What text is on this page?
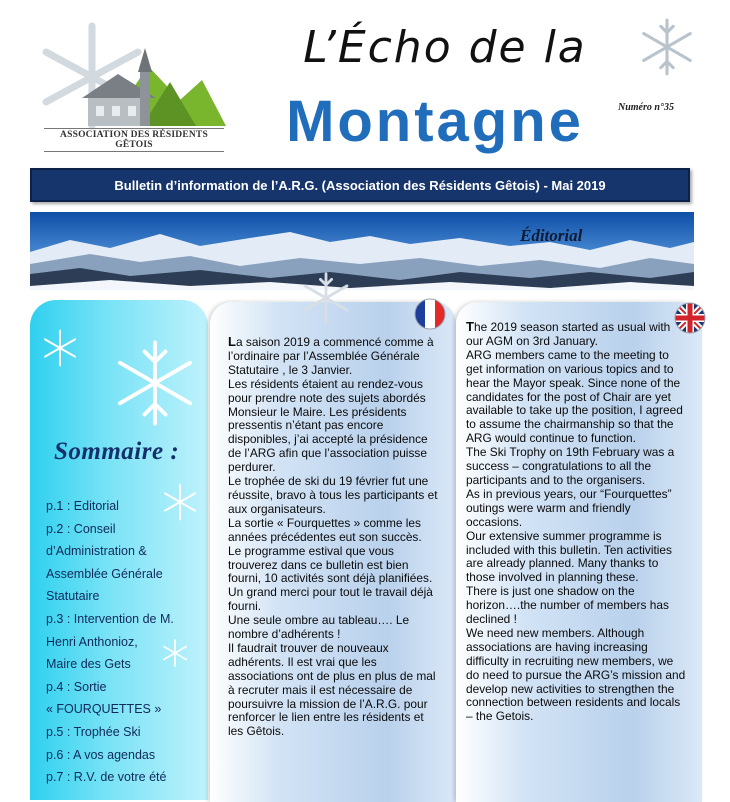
ASSOCIATION DES RÉSIDENTS GÊTOIS
L’Écho de la
Montagne	Numéro n°35
Bulletin d’information de l’A.R.G. (Association des Résidents Gêtois) - Mai 2019
Éditorial
Sommaire :
p.1 : Editorial
p.2 : Conseil
d’Administration &
Assemblée Générale
Statutaire
p.3 : Intervention de M.
Henri Anthonioz,
Maire des Gets
p.4 : Sortie
« FOURQUETTES »
p.5 : Trophée Ski
p.6 : A vos agendas
p.7 : R.V. de votre été

La saison 2019 a commencé comme à l’ordinaire par l’Assemblée Générale Statutaire , le 3 Janvier.

Les résidents étaient au rendez-vous pour prendre note des sujets abordés Monsieur le Maire. Les présidents pressentis n’étant pas encore disponibles, j’ai accepté la présidence de l’ARG afin que l’association puisse perdurer.

Le trophée de ski du 19 février fut une réussite, bravo à tous les participants et aux organisateurs.

La sortie « Fourquettes » comme les années précédentes eut son succès.

Le programme estival que vous trouverez dans ce bulletin est bien fourni, 10 activités sont déjà planifiées. Un grand merci pour tout le travail déjà fourni.

Une seule ombre au tableau…. Le nombre d’adhérents !

Il faudrait trouver de nouveaux adhérents. Il est vrai que les associations ont de plus en plus de mal à recruter mais il est nécessaire de poursuivre la mission de l’A.R.G. pour renforcer le lien entre les résidents et les Gêtois.

The 2019 season started as usual with our AGM on 3rd January.

ARG members came to the meeting to get information on various topics and to hear the Mayor speak. Since none of the candidates for the post of Chair are yet available to take up the position, I agreed to assume the chairmanship so that the ARG would continue to function.

The Ski Trophy on 19th February was a success – congratulations to all the participants and to the organisers.

As in previous years, our “Fourquettes” outings were warm and friendly occasions.

Our extensive summer programme is included with this bulletin. Ten activities are already planned. Many thanks to those involved in planning these.

There is just one shadow on the horizon….the number of members has declined !

We need new members. Although associations are having increasing difficulty in recruiting new members, we do need to pursue the ARG’s mission and develop new activities to strengthen the connection between residents and locals – the Getois.
